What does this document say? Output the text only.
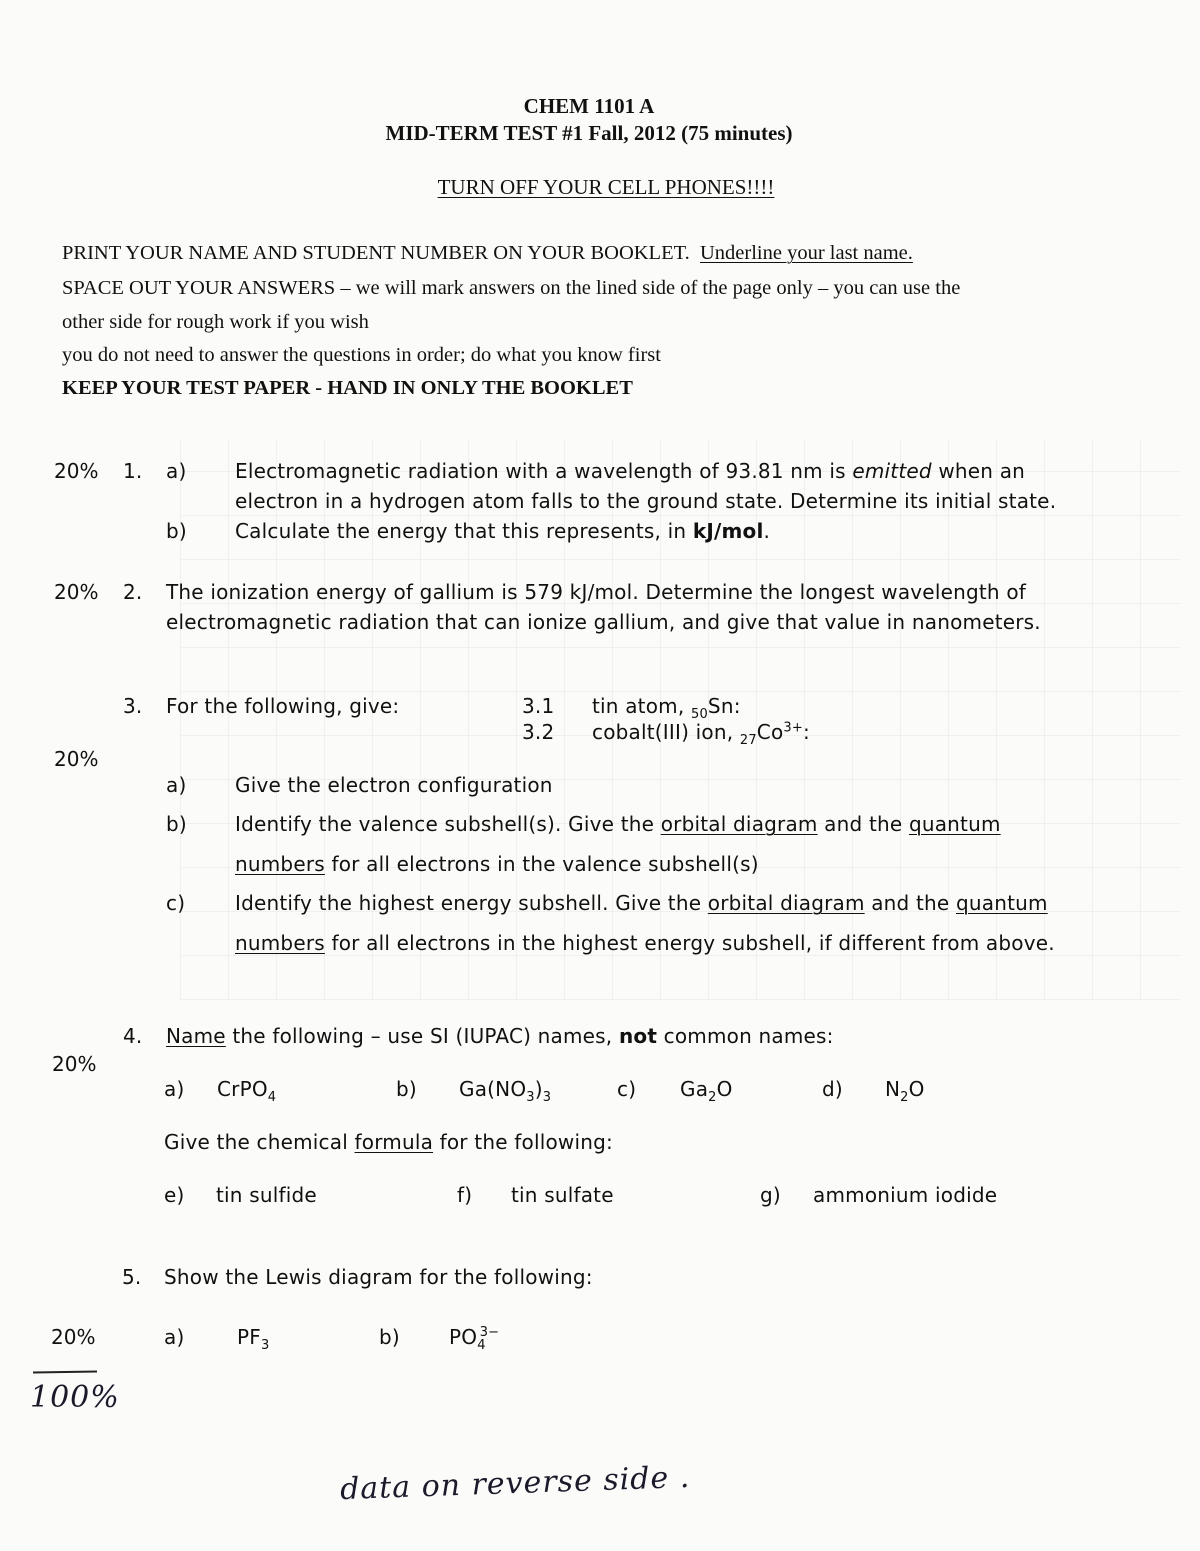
CHEM 1101 A
MID-TERM TEST #1 Fall, 2012 (75 minutes)
TURN OFF YOUR CELL PHONES!!!!
PRINT YOUR NAME AND STUDENT NUMBER ON YOUR BOOKLET. Underline your last name.
SPACE OUT YOUR ANSWERS – we will mark answers on the lined side of the page only – you can use the
other side for rough work if you wish
you do not need to answer the questions in order; do what you know first
KEEP YOUR TEST PAPER - HAND IN ONLY THE BOOKLET
20% 1. a) Electromagnetic radiation with a wavelength of 93.81 nm is emitted when an
electron in a hydrogen atom falls to the ground state. Determine its initial state.
b) Calculate the energy that this represents, in kJ/mol.
20% 2. The ionization energy of gallium is 579 kJ/mol. Determine the longest wavelength of
electromagnetic radiation that can ionize gallium, and give that value in nanometers.
3. For the following, give:	3.1 tin atom, $_{50}$Sn:
3.2 cobalt(III) ion, $_{27}Co^{3+}$:
20%
a) Give the electron configuration
b) Identify the valence subshell(s). Give the orbital diagram and the quantum
numbers for all electrons in the valence subshell(s)
c) Identify the highest energy subshell. Give the orbital diagram and the quantum
numbers for all electrons in the highest energy subshell, if different from above.
4. Name the following – use SI (IUPAC) names, not common names:
20%
a) CrPO$_4$	b) $Ga(NO_3)_3$	c) $Ga_2O$	d) $N_2O$
Give the chemical formula for the following:
e) tin sulfide	f) tin sulfate	g) ammonium iodide
5. Show the Lewis diagram for the following:
20%	a)	$PF_3$	b) $PO_4^{3-}$
100%
data on reverse side .
